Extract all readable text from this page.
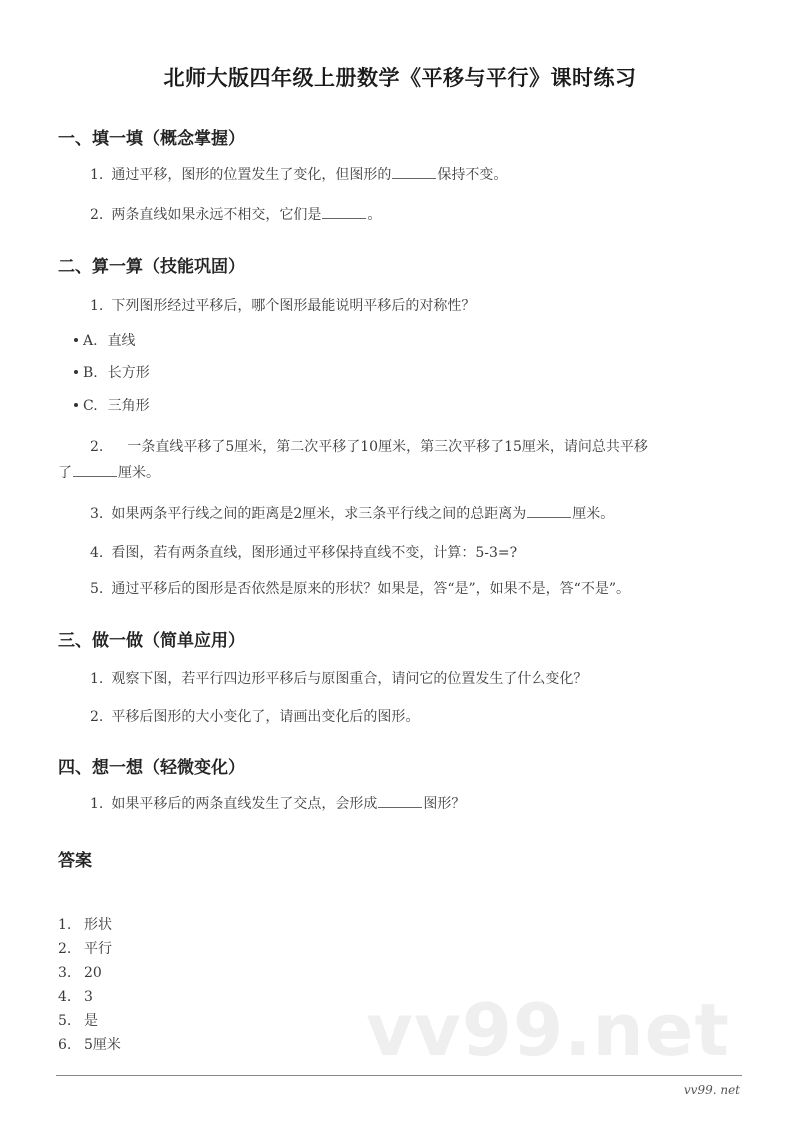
北师大版四年级上册数学《平移与平行》课时练习
一、填一填（概念掌握）
1. 通过平移，图形的位置发生了变化，但图形的	保持不变。
2. 两条直线如果永远不相交，它们是	。
二、算一算（技能巩固）
1. 下列图形经过平移后，哪个图形最能说明平移后的对称性？
A. 直线
B. 长方形
C. 三角形
2. 一条直线平移了5厘米，第二次平移了10厘米，第三次平移了15厘米，请问总共平移
了	厘米。
3. 如果两条平行线之间的距离是2厘米，求三条平行线之间的总距离为	厘米。
4. 看图，若有两条直线，图形通过平移保持直线不变，计算：5-3=?
5. 通过平移后的图形是否依然是原来的形状？如果是，答“是”，如果不是，答“不是”。
三、做一做（简单应用）
1. 观察下图，若平行四边形平移后与原图重合，请问它的位置发生了什么变化？
2. 平移后图形的大小变化了，请画出变化后的图形。
四、想一想（轻微变化）
1. 如果平移后的两条直线发生了交点，会形成	图形？
答案
1. 形状
2. 平行
3. 20
4. 3
5. 是
6. 5厘米	vv99.net
vv99. net
